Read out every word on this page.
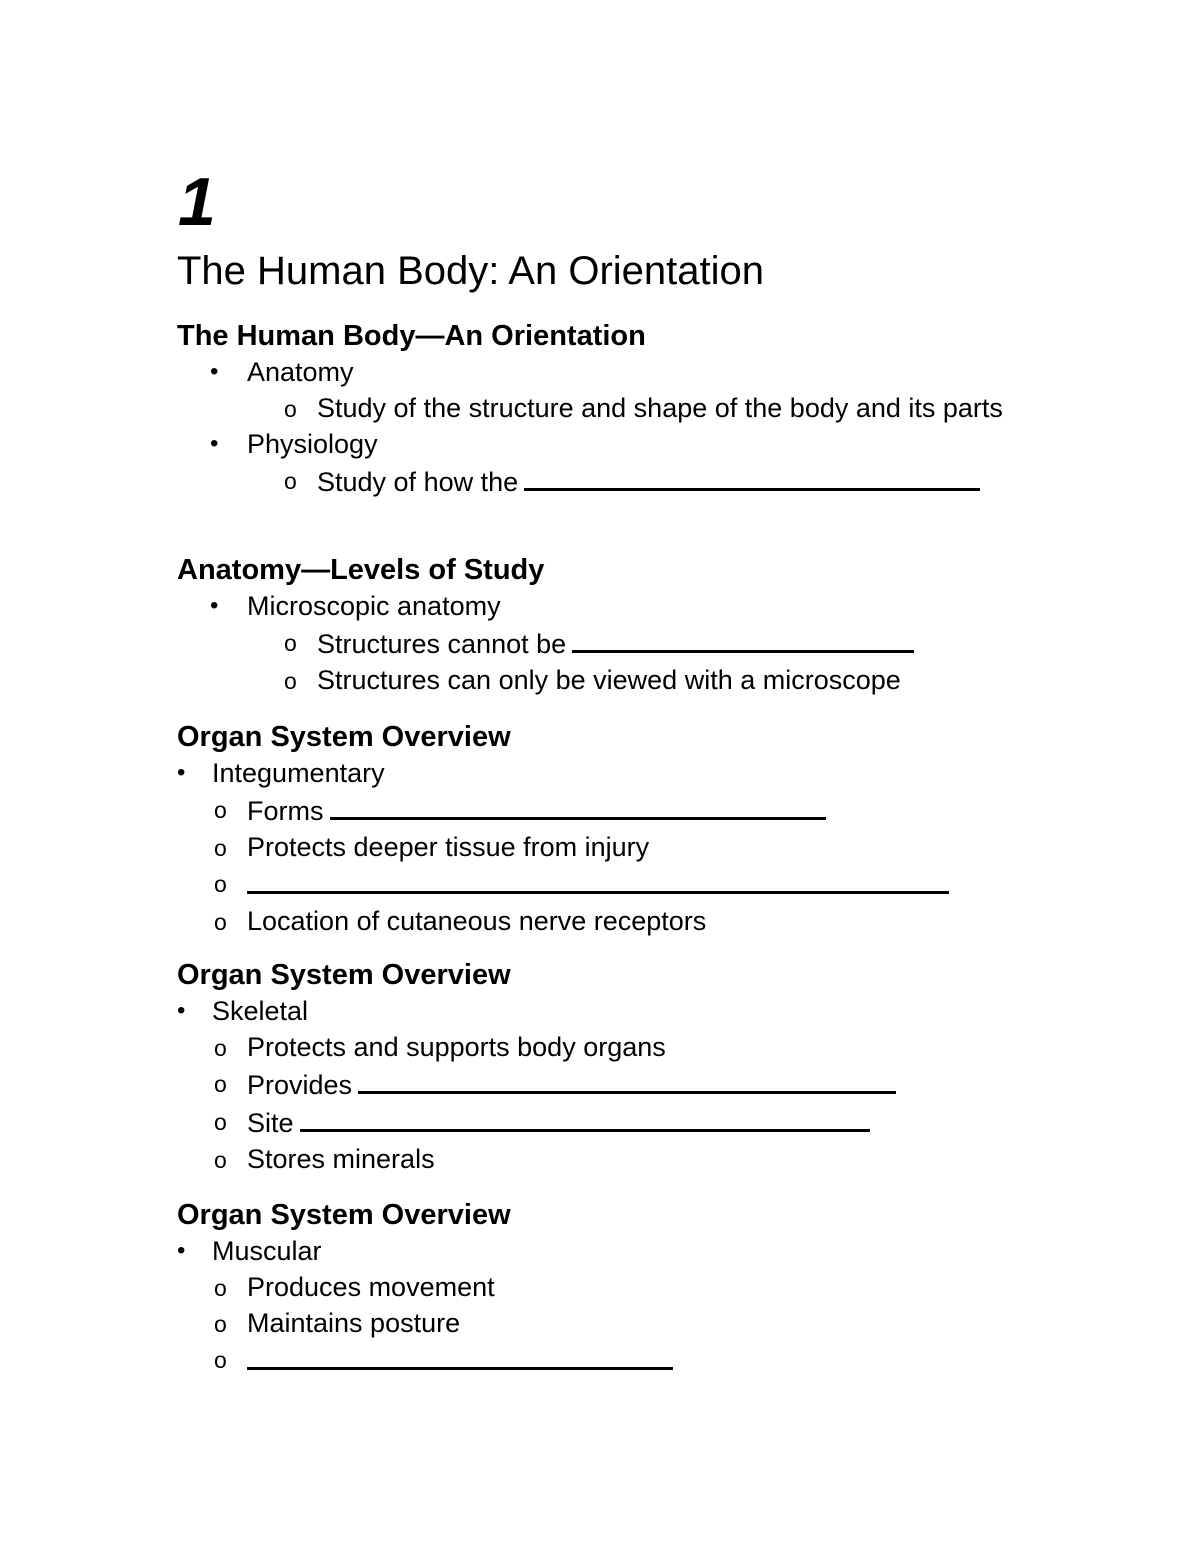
1
The Human Body: An Orientation
The Human Body—An Orientation
• Anatomy
o Study of the structure and shape of the body and its parts
• Physiology
o Study of how the
Anatomy—Levels of Study
• Microscopic anatomy
o Structures cannot be
o Structures can only be viewed with a microscope
Organ System Overview
• Integumentary
o Forms
o Protects deeper tissue from injury
o
o Location of cutaneous nerve receptors
Organ System Overview
• Skeletal
o Protects and supports body organs
o Provides
o Site
o Stores minerals
Organ System Overview
• Muscular
o Produces movement
o Maintains posture
o
